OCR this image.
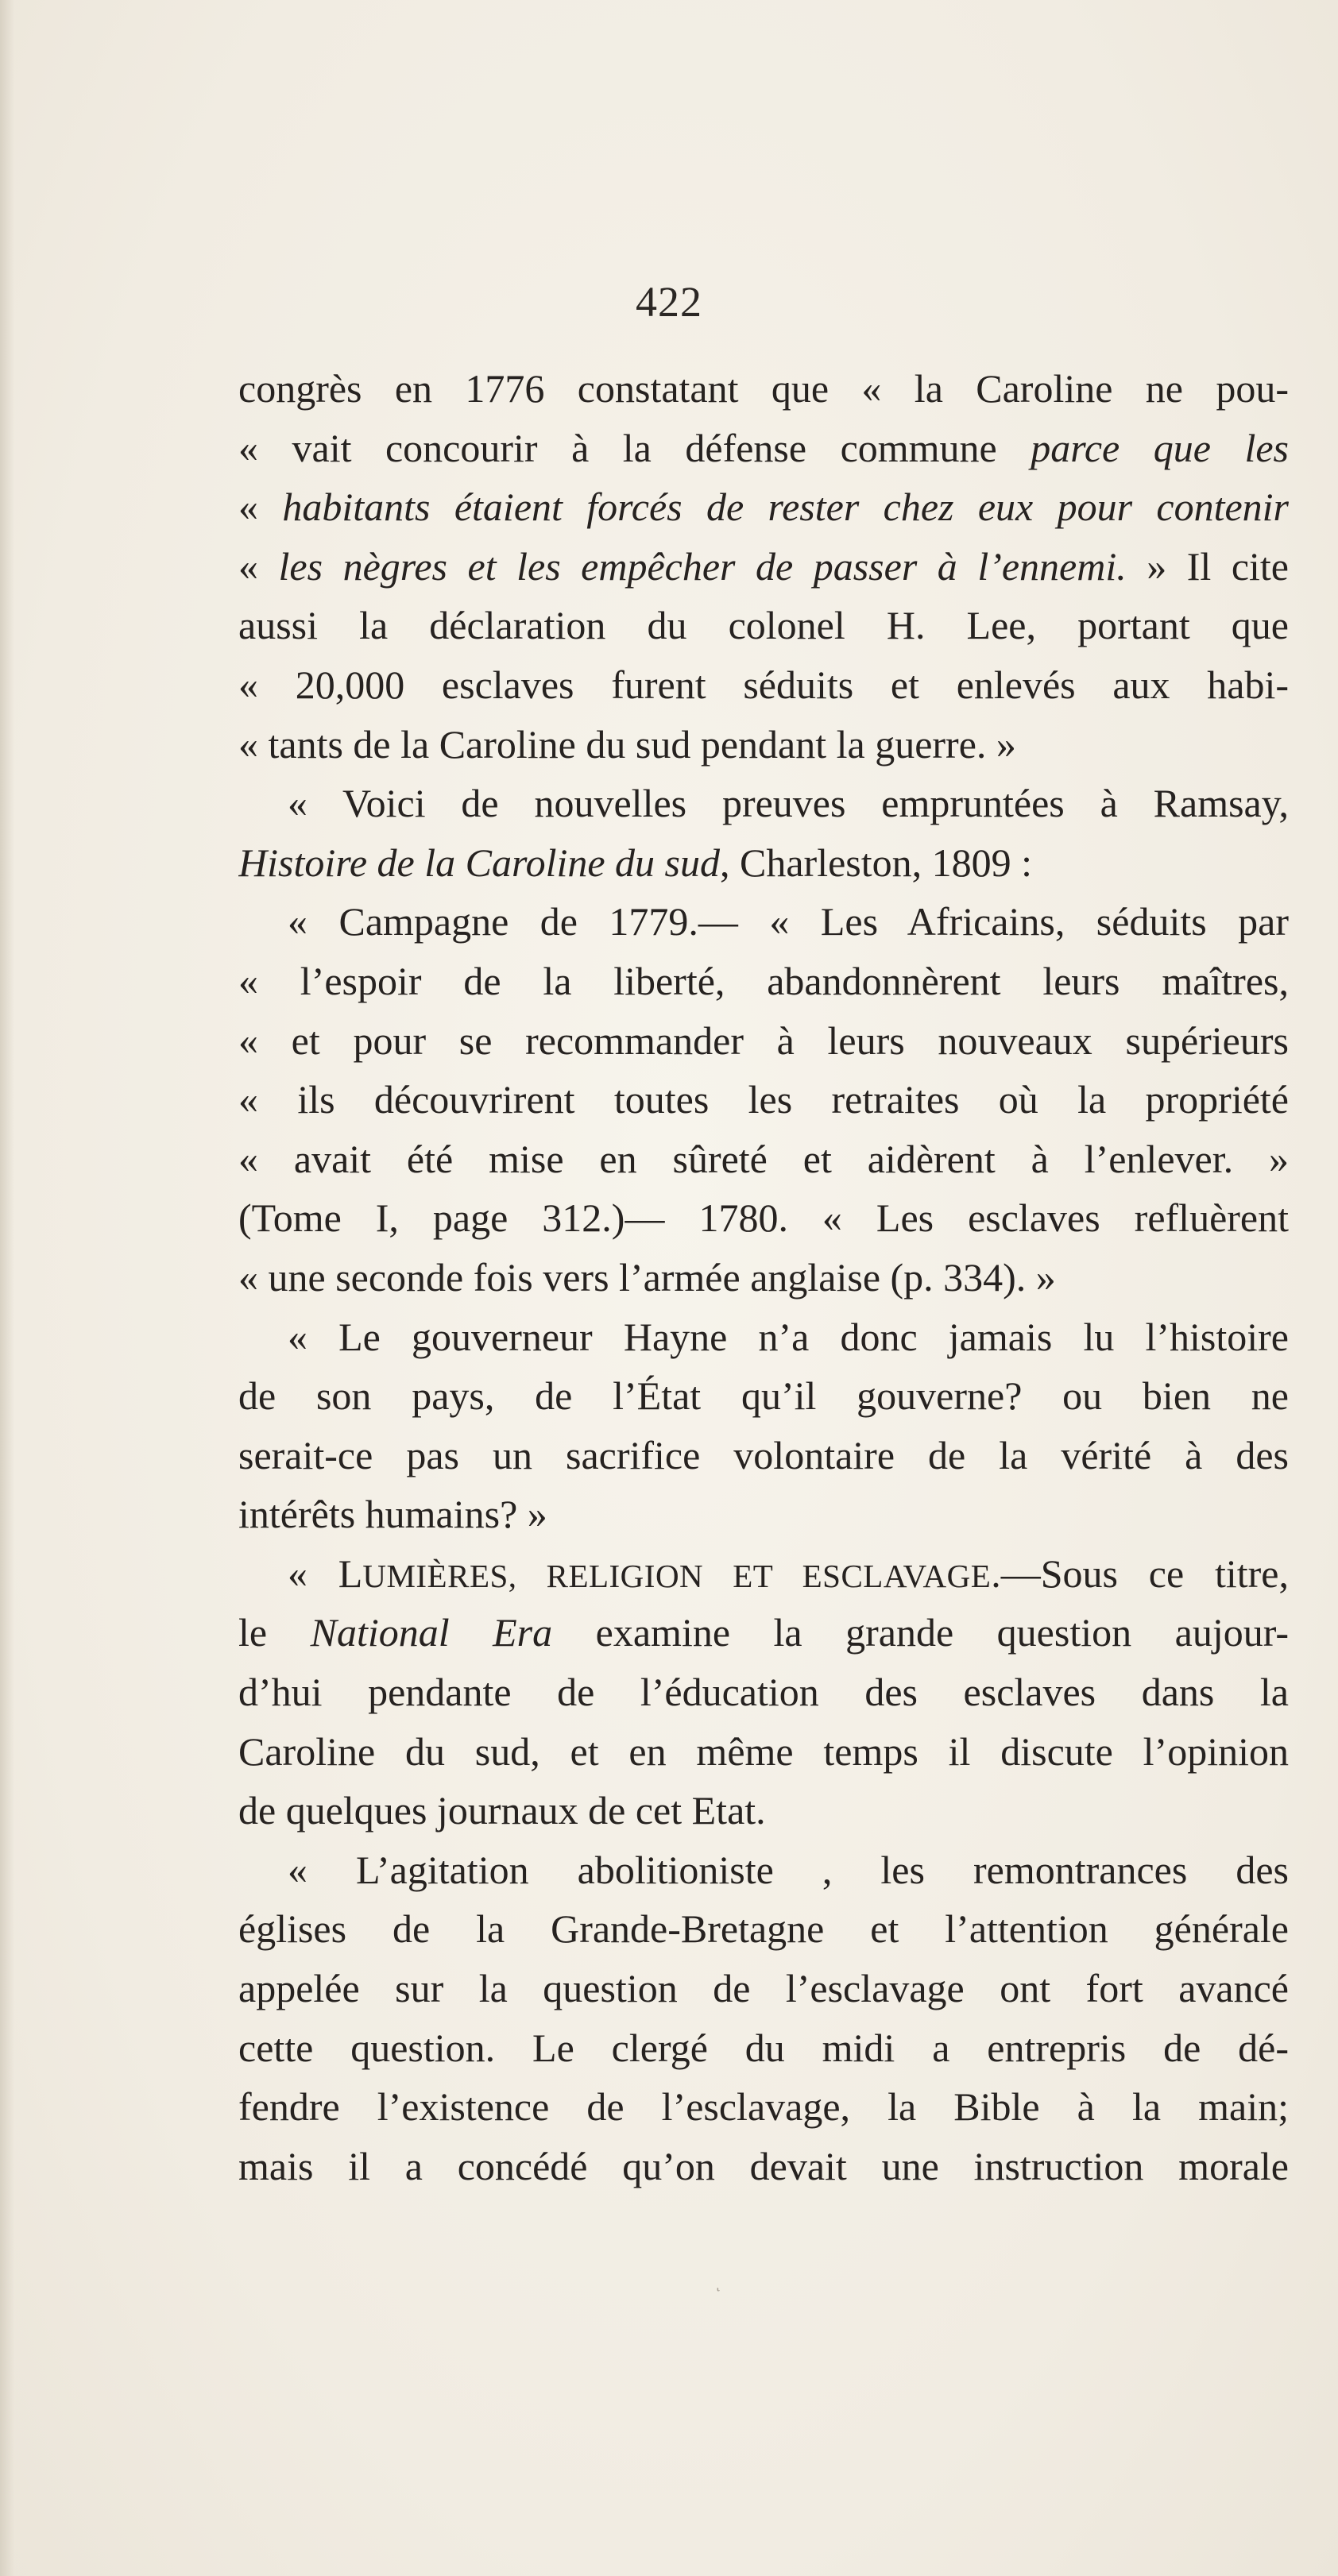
422
congrès en 1776 constatant que « la Caroline ne pou-
« vait concourir à la défense commune parce que les
« habitants étaient forcés de rester chez eux pour contenir
« les nègres et les empêcher de passer à l’ennemi. » Il cite
aussi la déclaration du colonel H. Lee, portant que
« 20,000 esclaves furent séduits et enlevés aux habi-
« tants de la Caroline du sud pendant la guerre. »
« Voici de nouvelles preuves empruntées à Ramsay,
Histoire de la Caroline du sud, Charleston, 1809 :
« Campagne de 1779.— « Les Africains, séduits par
« l’espoir de la liberté, abandonnèrent leurs maîtres,
« et pour se recommander à leurs nouveaux supérieurs
« ils découvrirent toutes les retraites où la propriété
« avait été mise en sûreté et aidèrent à l’enlever. »
(Tome I, page 312.)— 1780. « Les esclaves refluèrent
« une seconde fois vers l’armée anglaise (p. 334). »
« Le gouverneur Hayne n’a donc jamais lu l’histoire
de son pays, de l’État qu’il gouverne? ou bien ne
serait-ce pas un sacrifice volontaire de la vérité à des
intérêts humains? »
« LUMIÈRES, RELIGION ET ESCLAVAGE.—Sous ce titre,
le National Era examine la grande question aujour-
d’hui pendante de l’éducation des esclaves dans la
Caroline du sud, et en même temps il discute l’opinion
de quelques journaux de cet Etat.
« L’agitation abolitioniste , les remontrances des
églises de la Grande-Bretagne et l’attention générale
appelée sur la question de l’esclavage ont fort avancé
cette question. Le clergé du midi a entrepris de dé-
fendre l’existence de l’esclavage, la Bible à la main;
mais il a concédé qu’on devait une instruction morale
ͺ
